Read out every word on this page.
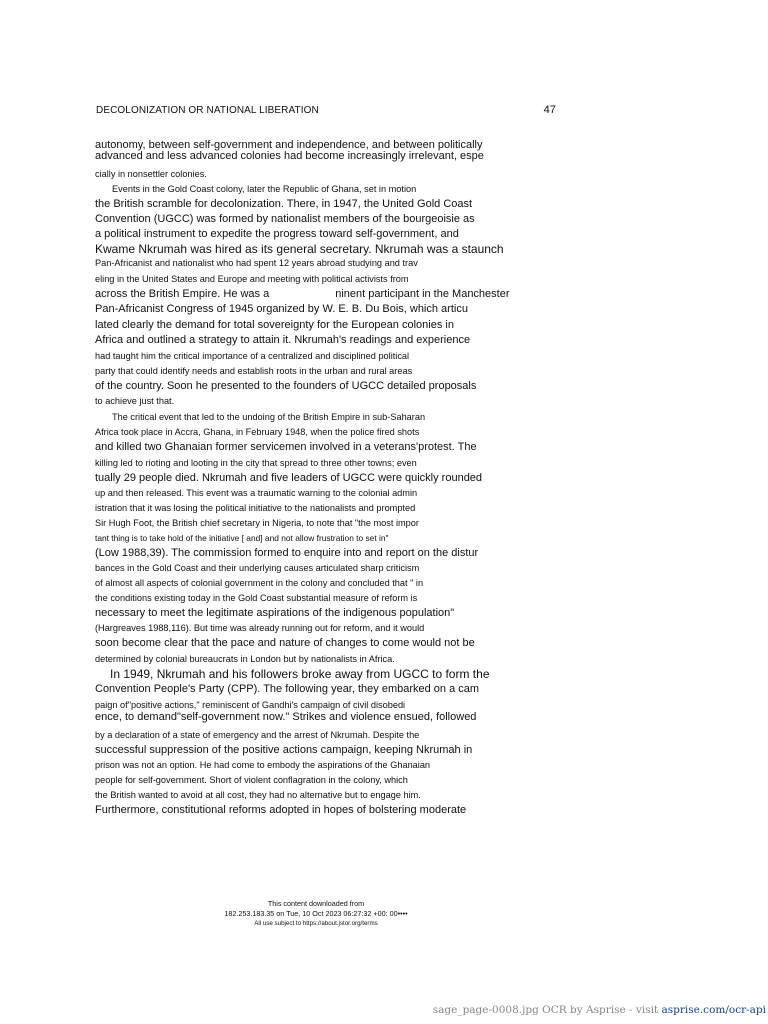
DECOLONIZATION OR NATIONAL LIBERATION	47
autonomy, between self-government and independence, and between politically
advanced and less advanced colonies had become increasingly irrelevant, espe
cially in nonsettler colonies.
Events in the Gold Coast colony, later the Republic of Ghana, set in motion
the British scramble for decolonization. There, in 1947, the United Gold Coast
Convention (UGCC) was formed by nationalist members of the bourgeoisie as
a political instrument to expedite the progress toward self-government, and
Kwame Nkrumah was hired as its general secretary. Nkrumah was a staunch
Pan-Africanist and nationalist who had spent 12 years abroad studying and trav
eling in the United States and Europe and meeting with political activists from
across the British Empire. He was a	ninent participant in the Manchester
Pan-Africanist Congress of 1945 organized by W. E. B. Du Bois, which articu
lated clearly the demand for total sovereignty for the European colonies in
Africa and outlined a strategy to attain it. Nkrumah's readings and experience
had taught him the critical importance of a centralized and disciplined political
party that could identify needs and establish roots in the urban and rural areas
of the country. Soon he presented to the founders of UGCC detailed proposals
to achieve just that.
The critical event that led to the undoing of the British Empire in sub-Saharan
Africa took place in Accra, Ghana, in February 1948, when the police fired shots
and killed two Ghanaian former servicemen involved in a veterans'protest. The
killing led to rioting and looting in the city that spread to three other towns; even
tually 29 people died. Nkrumah and five leaders of UGCC were quickly rounded
up and then released. This event was a traumatic warning to the colonial admin
istration that it was losing the political initiative to the nationalists and prompted
Sir Hugh Foot, the British chief secretary in Nigeria, to note that "the most impor
tant thing is to take hold of the initiative [ and] and not allow frustration to set in"
(Low 1988,39). The commission formed to enquire into and report on the distur
bances in the Gold Coast and their underlying causes articulated sharp criticism
of almost all aspects of colonial government in the colony and concluded that " in
the conditions existing today in the Gold Coast substantial measure of reform is
necessary to meet the legitimate aspirations of the indigenous population"
(Hargreaves 1988,116). But time was already running out for reform, and it would
soon become clear that the pace and nature of changes to come would not be
determined by colonial bureaucrats in London but by nationalists in Africa.
In 1949, Nkrumah and his followers broke away from UGCC to form the
Convention People's Party (CPP). The following year, they embarked on a cam
paign of"positive actions," reminiscent of Gandhi's campaign of civil disobedi
ence, to demand"self-government now." Strikes and violence ensued, followed
by a declaration of a state of emergency and the arrest of Nkrumah. Despite the
successful suppression of the positive actions campaign, keeping Nkrumah in
prison was not an option. He had come to embody the aspirations of the Ghanaian
people for self-government. Short of violent conflagration in the colony, which
the British wanted to avoid at all cost, they had no alternative but to engage him.
Furthermore, constitutional reforms adopted in hopes of bolstering moderate
This content downloaded from
182.253.183.35 on Tue, 10 Oct 2023 06:27:32 +00: 00••••
All use subject to https://about.jstor.org/terms
sage_page-0008.jpg OCR by Asprise - visit asprise.com/ocr-api
